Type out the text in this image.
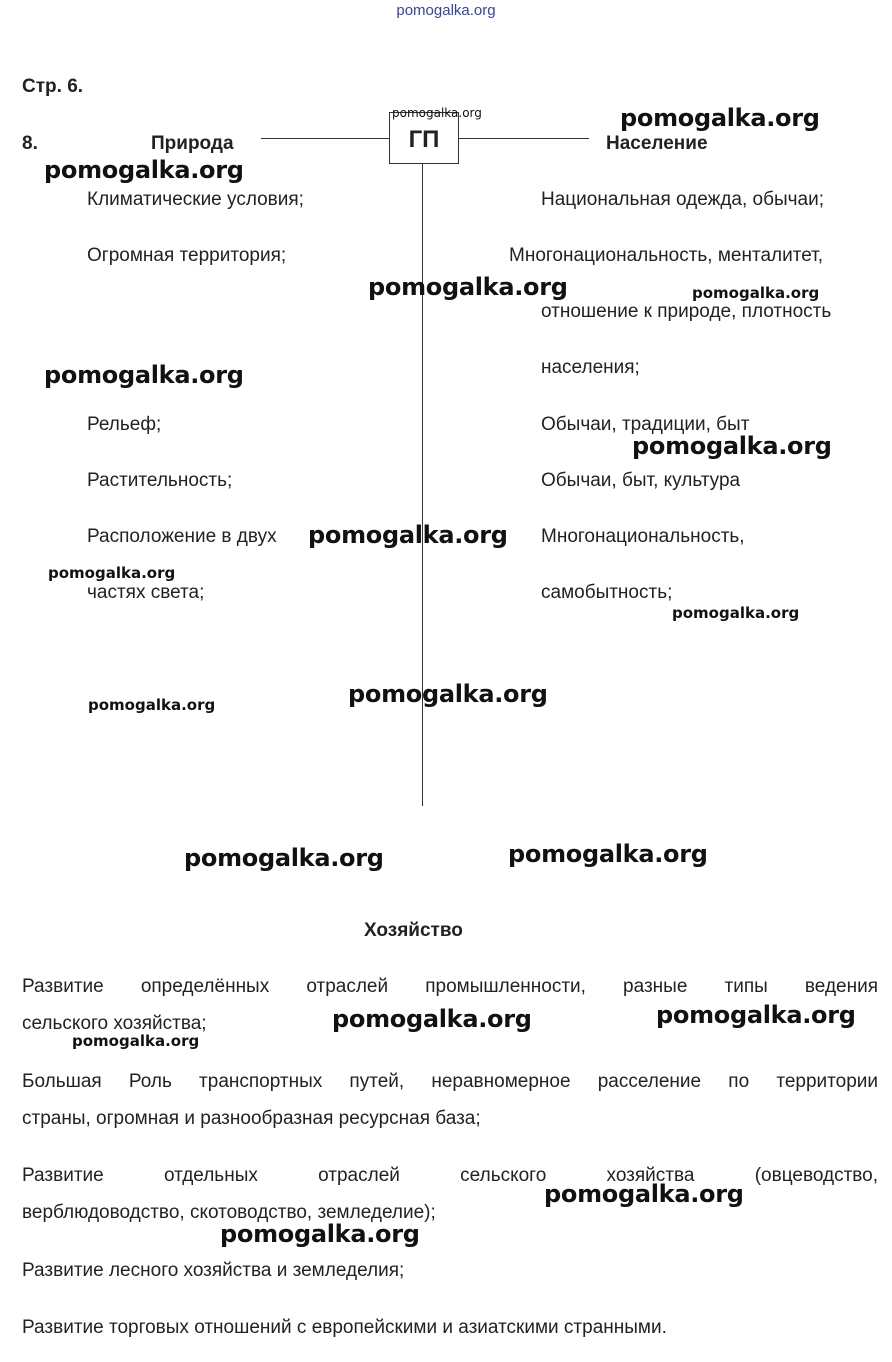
pomogalka.org
Стр. 6.
8.	ГП
Природа	Население
Климатические условия;
Огромная территория;
Рельеф;
Растительность;
Расположение в двух
частях света;
Национальная одежда, обычаи;
Многонациональность, менталитет,
отношение к природе, плотность
населения;
Обычаи, традиции, быт
Обычаи, быт, культура
Многонациональность,
самобытность;
Хозяйство
Развитие определённых отраслей промышленности, разные типы ведения
сельского хозяйства;
Большая Роль транспортных путей, неравномерное расселение по территории
страны, огромная и разнообразная ресурсная база;
Развитие отдельных отраслей сельского хозяйства (овцеводство,
верблюдоводство, скотоводство, земледелие);
Развитие лесного хозяйства и земледелия;
Развитие торговых отношений с европейскими и азиатскими странными.
pomogalka.org	pomogalka.org
pomogalka.org
pomogalka.org	pomogalka.org
pomogalka.org
pomogalka.org
pomogalka.org
pomogalka.org
pomogalka.org
pomogalka.org
pomogalka.org
pomogalka.org
pomogalka.org
pomogalka.org
pomogalka.org
pomogalka.org
pomogalka.org
pomogalka.org
